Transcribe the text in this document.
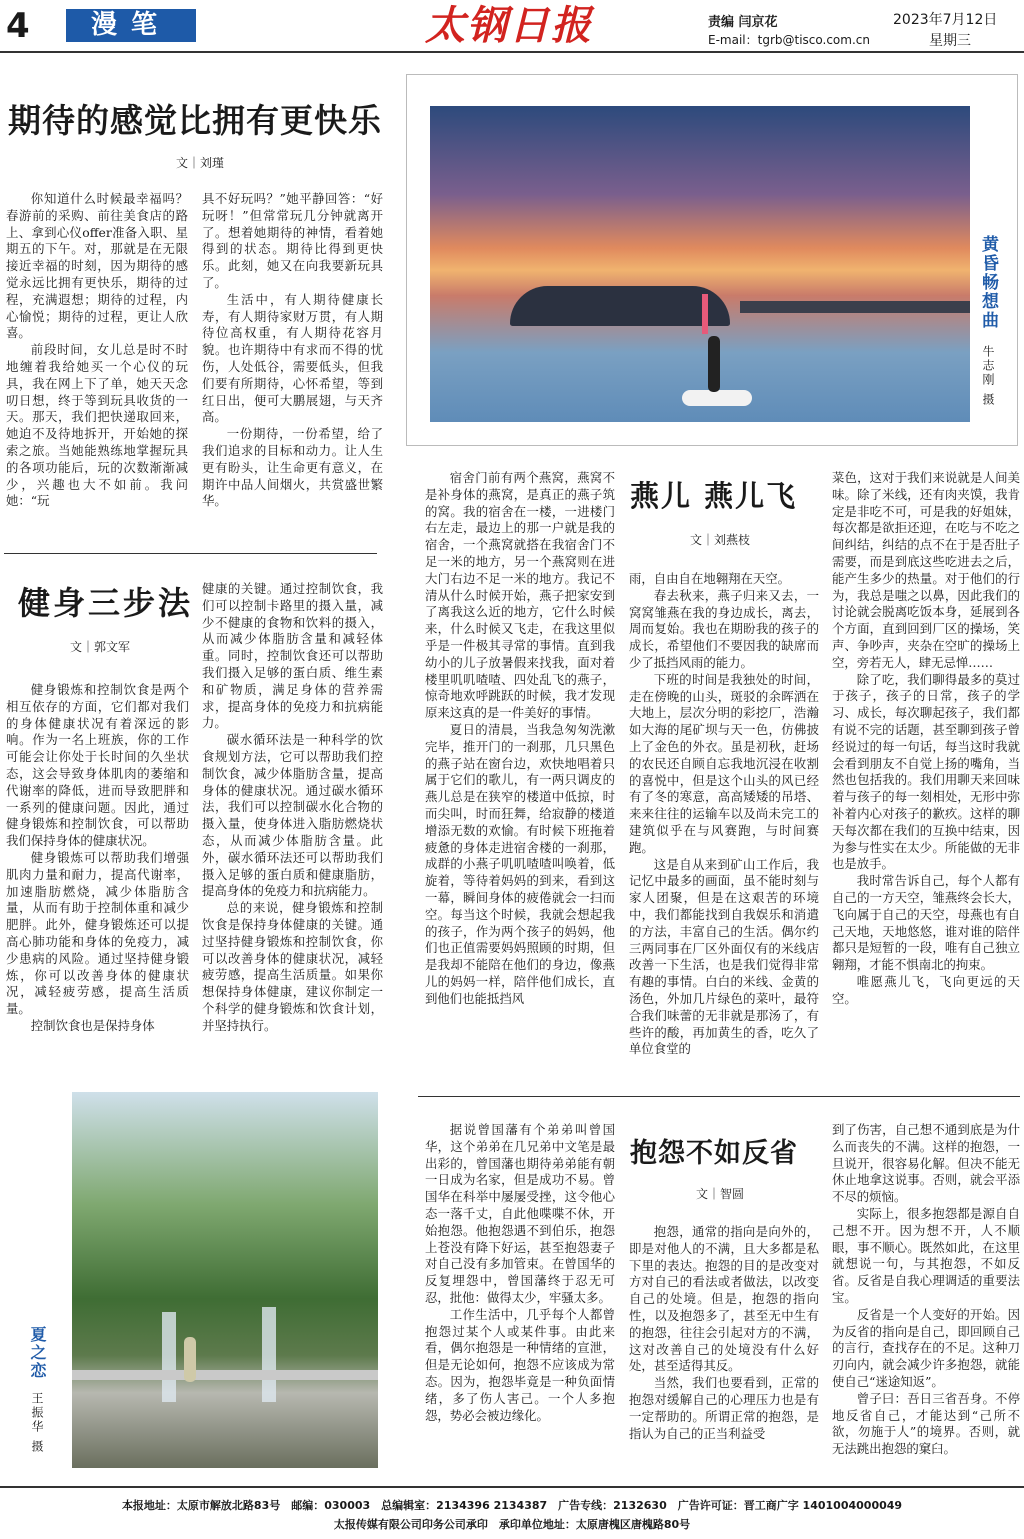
4	漫笔	太钢日报	责编 闫京花
E-mail：tgrb@tisco.com.cn
2023年7月12日
星期三
期待的感觉比拥有更快乐
文｜刘瑾

你知道什么时候最幸福吗？春游前的采购、前往美食店的路上、拿到心仪offer准备入职、星期五的下午。对，那就是在无限接近幸福的时刻，因为期待的感觉永远比拥有更快乐，期待的过程，充满遐想；期待的过程，内心愉悦；期待的过程，更让人欣喜。

前段时间，女儿总是时不时地缠着我给她买一个心仪的玩具，我在网上下了单，她天天念叨日想，终于等到玩具收货的一天。那天，我们把快递取回来，她迫不及待地拆开，开始她的探索之旅。当她能熟练地掌握玩具的各项功能后，玩的次数渐渐减少，兴趣也大不如前。我问她：“玩

具不好玩吗？”她平静回答：“好玩呀！”但常常玩几分钟就离开了。想着她期待的神情，看着她得到的状态。期待比得到更快乐。此刻，她又在向我要新玩具了。

生活中，有人期待健康长寿，有人期待家财万贯，有人期待位高权重，有人期待花容月貌。也许期待中有求而不得的忧伤，人处低谷，需要低头，但我们要有所期待，心怀希望，等到红日出，便可大鹏展翅，与天齐高。

一份期待，一份希望，给了我们追求的目标和动力。让人生更有盼头，让生命更有意义，在期许中品人间烟火，共赏盛世繁华。

黄昏畅想曲
牛志刚 摄
健身三步法
文｜郭文军

健身锻炼和控制饮食是两个相互依存的方面，它们都对我们的身体健康状况有着深远的影响。作为一名上班族，你的工作可能会让你处于长时间的久坐状态，这会导致身体肌肉的萎缩和代谢率的降低，进而导致肥胖和一系列的健康问题。因此，通过健身锻炼和控制饮食，可以帮助我们保持身体的健康状况。

健身锻炼可以帮助我们增强肌肉力量和耐力，提高代谢率，加速脂肪燃烧，减少体脂肪含量，从而有助于控制体重和减少肥胖。此外，健身锻炼还可以提高心肺功能和身体的免疫力，减少患病的风险。通过坚持健身锻炼，你可以改善身体的健康状况，减轻疲劳感，提高生活质量。

控制饮食也是保持身体

健康的关键。通过控制饮食，我们可以控制卡路里的摄入量，减少不健康的食物和饮料的摄入，从而减少体脂肪含量和减轻体重。同时，控制饮食还可以帮助我们摄入足够的蛋白质、维生素和矿物质，满足身体的营养需求，提高身体的免疫力和抗病能力。

碳水循环法是一种科学的饮食规划方法，它可以帮助我们控制饮食，减少体脂肪含量，提高身体的健康状况。通过碳水循环法，我们可以控制碳水化合物的摄入量，使身体进入脂肪燃烧状态，从而减少体脂肪含量。此外，碳水循环法还可以帮助我们摄入足够的蛋白质和健康脂肪，提高身体的免疫力和抗病能力。

总的来说，健身锻炼和控制饮食是保持身体健康的关键。通过坚持健身锻炼和控制饮食，你可以改善身体的健康状况，减轻疲劳感，提高生活质量。如果你想保持身体健康，建议你制定一个科学的健身锻炼和饮食计划，并坚持执行。

夏之恋
王振华 摄
燕儿 燕儿飞
文｜刘燕枝

宿舍门前有两个燕窝，燕窝不是补身体的燕窝，是真正的燕子筑的窝。我的宿舍在一楼，一进楼门右左走，最边上的那一户就是我的宿舍，一个燕窝就搭在我宿舍门不足一米的地方，另一个燕窝则在进大门右边不足一米的地方。我记不清从什么时候开始，燕子把家安到了离我这么近的地方，它什么时候来，什么时候又飞走，在我这里似乎是一件极其寻常的事情。直到我幼小的儿子放暑假来找我，面对着楼里叽叽喳喳、四处乱飞的燕子，惊奇地欢呼跳跃的时候，我才发现原来这真的是一件美好的事情。

夏日的清晨，当我急匆匆洗漱完毕，推开门的一刹那，几只黑色的燕子站在窗台边，欢快地唱着只属于它们的歌儿，有一两只调皮的燕儿总是在狭窄的楼道中低掠，时而尖叫，时而狂舞，给寂静的楼道增添无数的欢愉。有时候下班拖着疲惫的身体走进宿舍楼的一刹那，成群的小燕子叽叽喳喳叫唤着，低旋着，等待着妈妈的到来，看到这一幕，瞬间身体的疲倦就会一扫而空。每当这个时候，我就会想起我的孩子，作为两个孩子的妈妈，他们也正值需要妈妈照顾的时期，但是我却不能陪在他们的身边，像燕儿的妈妈一样，陪伴他们成长，直到他们也能抵挡风

雨，自由自在地翱翔在天空。

春去秋来，燕子归来又去，一窝窝雏燕在我的身边成长，离去，周而复始。我也在期盼我的孩子的成长，希望他们不要因我的缺席而少了抵挡风雨的能力。

下班的时间是我独处的时间，走在傍晚的山头，斑驳的余晖洒在大地上，层次分明的彩挖厂，浩瀚如大海的尾矿坝与天一色，仿佛披上了金色的外衣。虽是初秋，赶场的农民还自顾自忘我地沉浸在收割的喜悦中，但是这个山头的风已经有了冬的寒意，高高矮矮的吊塔、来来往往的运输车以及尚未完工的建筑似乎在与风赛跑，与时间赛跑。

这是自从来到矿山工作后，我记忆中最多的画面，虽不能时刻与家人团聚，但是在这艰苦的环境中，我们都能找到自我娱乐和消遣的方法，丰富自己的生活。偶尔约三两同事在厂区外面仅有的米线店改善一下生活，也是我们觉得非常有趣的事情。白白的米线、金黄的汤色，外加几片绿色的菜叶，最符合我们味蕾的无非就是那汤了，有些许的酸，再加黄生的香，吃久了单位食堂的

菜色，这对于我们来说就是人间美味。除了米线，还有肉夹馍，我肯定是非吃不可，可是我的好姐妹，每次都是欲拒还迎，在吃与不吃之间纠结，纠结的点不在于是否肚子需要，而是到底这些吃进去之后，能产生多少的热量。对于他们的行为，我总是嗤之以鼻，因此我们的讨论就会脱离吃饭本身，延展到各个方面，直到回到厂区的操场，笑声、争吵声，夹杂在空旷的操场上空，旁若无人，肆无忌惮……

除了吃，我们聊得最多的莫过于孩子，孩子的日常，孩子的学习、成长，每次聊起孩子，我们都有说不完的话题，甚至聊到孩子曾经说过的每一句话，每当这时我就会看到朋友不自觉上扬的嘴角，当然也包括我的。我们用聊天来回味着与孩子的每一刻相处，无形中弥补着内心对孩子的歉疚。这样的聊天每次都在我们的互换中结束，因为参与性实在太少。所能做的无非也是放手。

我时常告诉自己，每个人都有自己的一方天空，雏燕终会长大，飞向属于自己的天空，母燕也有自己天地，天地悠悠，谁对谁的陪伴都只是短暂的一段，唯有自己独立翱翔，才能不惧南北的拘束。

唯愿燕儿飞，飞向更远的天空。

抱怨不如反省
文｜智圆

据说曾国藩有个弟弟叫曾国华，这个弟弟在几兄弟中文笔是最出彩的，曾国藩也期待弟弟能有朝一日成为名家，但是成功不易。曾国华在科举中屡屡受挫，这令他心态一落千丈，自此他喋喋不休，开始抱怨。他抱怨遇不到伯乐，抱怨上苍没有降下好运，甚至抱怨妻子对自己没有多加管束。在曾国华的反复埋怨中，曾国藩终于忍无可忍，批他：做得太少，牢骚太多。

工作生活中，几乎每个人都曾抱怨过某个人或某件事。由此来看，偶尔抱怨是一种情绪的宣泄，但是无论如何，抱怨不应该成为常态。因为，抱怨毕竟是一种负面情绪，多了伤人害己。一个人多抱怨，势必会被边缘化。

抱怨，通常的指向是向外的，即是对他人的不满，且大多都是私下里的表达。抱怨的目的是改变对方对自己的看法或者做法，以改变自己的处境。但是，抱怨的指向性，以及抱怨多了，甚至无中生有的抱怨，往往会引起对方的不满，这对改善自己的处境没有什么好处，甚至适得其反。

当然，我们也要看到，正常的抱怨对缓解自己的心理压力也是有一定帮助的。所谓正常的抱怨，是指认为自己的正当利益受

到了伤害，自己想不通到底是为什么而丧失的不满。这样的抱怨，一旦说开，很容易化解。但决不能无休止地拿这说事。否则，就会平添不尽的烦恼。

实际上，很多抱怨都是源自自己想不开。因为想不开，人不顺眼，事不顺心。既然如此，在这里就想说一句，与其抱怨，不如反省。反省是自我心理调适的重要法宝。

反省是一个人变好的开始。因为反省的指向是自己，即回顾自己的言行，查找存在的不足。这种刀刃向内，就会减少许多抱怨，就能使自己“迷途知返”。

曾子曰：吾日三省吾身。不停地反省自己，才能达到“己所不欲，勿施于人”的境界。否则，就无法跳出抱怨的窠臼。

本报地址：太原市解放北路83号　邮编：030003　总编辑室：2134396 2134387　广告专线：2132630　广告许可证：晋工商广字 1401004000049
太报传媒有限公司印务公司承印　承印单位地址：太原唐槐区唐槐路80号
